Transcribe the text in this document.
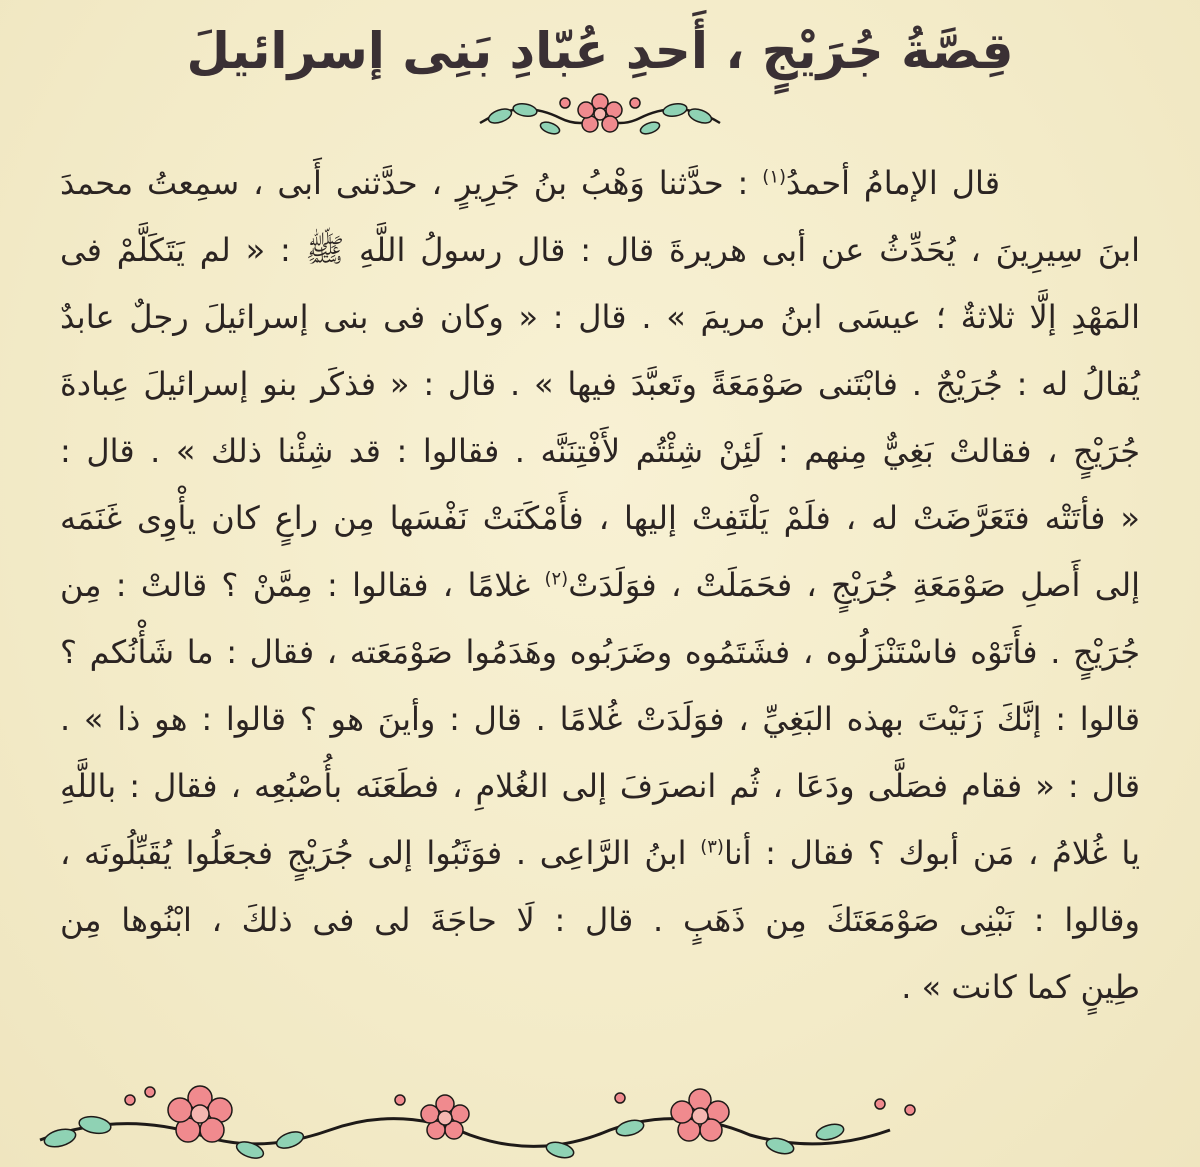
قِصَّةُ جُرَيْجٍ ، أَحدِ عُبّادِ بَنِى إسرائيلَ
قال الإمامُ أحمدُ$^{(١)}$ : حدَّثنا وَهْبُ بنُ جَرِيرٍ ، حدَّثنى أَبى ، سمِعتُ محمدَ
ابنَ سِيرِينَ ، يُحَدِّثُ عن أبى هريرةَ قال : قال رسولُ اللَّهِ ﷺ : « لم يَتَكَلَّمْ فى
المَهْدِ إلَّا ثلاثةٌ ؛ عيسَى ابنُ مريمَ » . قال : « وكان فى بنى إسرائيلَ رجلٌ عابدٌ
يُقالُ له : جُرَيْجٌ . فابْتَنى صَوْمَعَةً وتَعبَّدَ فيها » . قال : « فذكَر بنو إسرائيلَ عِبادةَ
جُرَيْجٍ ، فقالتْ بَغِيٌّ مِنهم : لَئِنْ شِئْتُم لأَفْتِنَنَّه . فقالوا : قد شِئْنا ذلك » . قال :
« فأتَتْه فتَعَرَّضَتْ له ، فلَمْ يَلْتَفِتْ إليها ، فأَمْكَنَتْ نَفْسَها مِن راعٍ كان يأْوِى غَنَمَه
إلى أَصلِ صَوْمَعَةِ جُرَيْجٍ ، فحَمَلَتْ ، فوَلَدَتْ$^{(٢)}$ غلامًا ، فقالوا : مِمَّنْ ؟ قالتْ : مِن
جُرَيْجٍ . فأَتَوْه فاسْتَنْزَلُوه ، فشَتَمُوه وضَرَبُوه وهَدَمُوا صَوْمَعَته ، فقال : ما شَأْنُكم ؟
قالوا : إنَّكَ زَنَيْتَ بهذه البَغِيِّ ، فوَلَدَتْ غُلامًا . قال : وأينَ هو ؟ قالوا : هو ذا » .
قال : « فقام فصَلَّى ودَعَا ، ثُم انصرَفَ إلى الغُلامِ ، فطَعَنَه بأُصْبُعِه ، فقال : باللَّهِ
يا غُلامُ ، مَن أبوك ؟ فقال : أنا$^{(٣)}$ ابنُ الرَّاعِى . فوَثَبُوا إلى جُرَيْجٍ فجعَلُوا يُقَبِّلُونَه ،
وقالوا : نَبْنِى صَوْمَعَتَكَ مِن ذَهَبٍ . قال : لَا حاجَةَ لى فى ذلكَ ، ابْنُوها مِن
طِينٍ كما كانت » .
